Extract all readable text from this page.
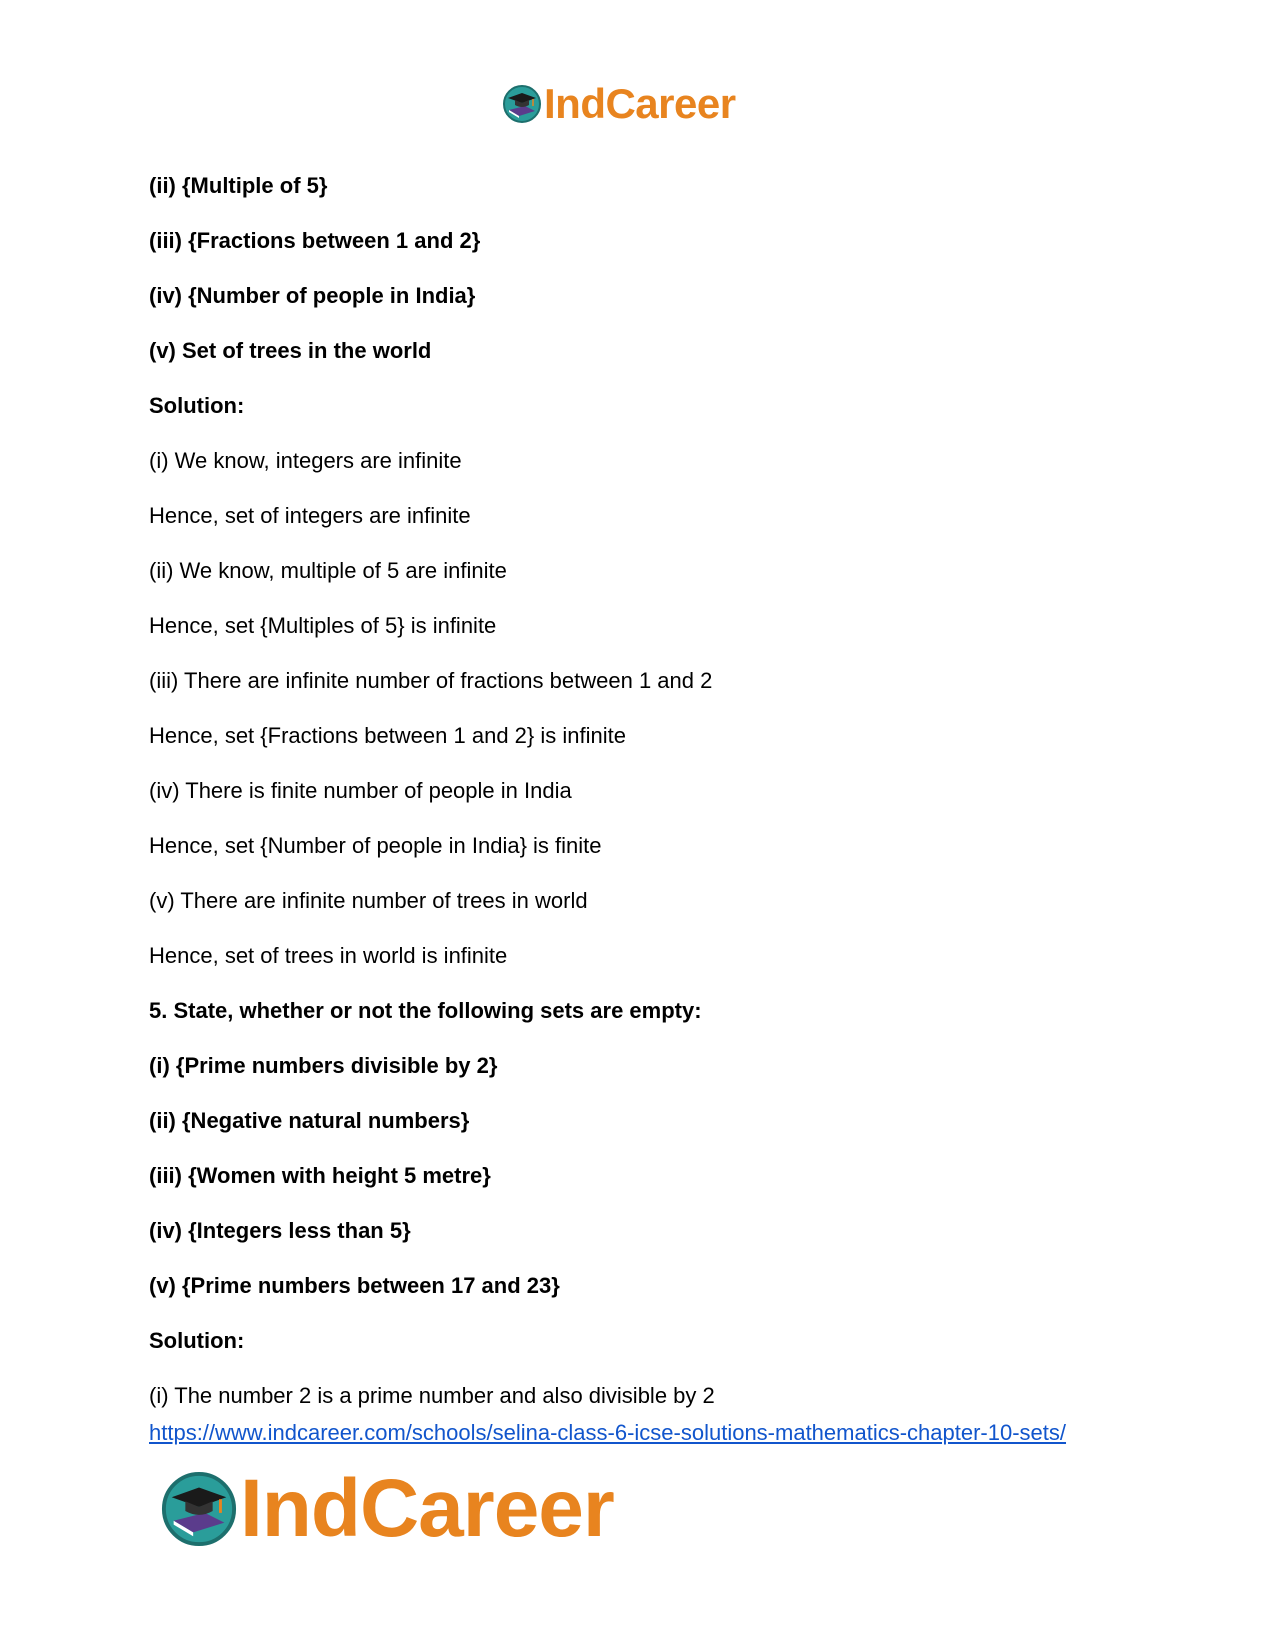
IndCareer
(ii) {Multiple of 5}
(iii) {Fractions between 1 and 2}
(iv) {Number of people in India}
(v) Set of trees in the world
Solution:
(i) We know, integers are infinite
Hence, set of integers are infinite
(ii) We know, multiple of 5 are infinite
Hence, set {Multiples of 5} is infinite
(iii) There are infinite number of fractions between 1 and 2
Hence, set {Fractions between 1 and 2} is infinite
(iv) There is finite number of people in India
Hence, set {Number of people in India} is finite
(v) There are infinite number of trees in world
Hence, set of trees in world is infinite
5. State, whether or not the following sets are empty:
(i) {Prime numbers divisible by 2}
(ii) {Negative natural numbers}
(iii) {Women with height 5 metre}
(iv) {Integers less than 5}
(v) {Prime numbers between 17 and 23}
Solution:
(i) The number 2 is a prime number and also divisible by 2
https://www.indcareer.com/schools/selina-class-6-icse-solutions-mathematics-chapter-10-sets/
IndCareer
